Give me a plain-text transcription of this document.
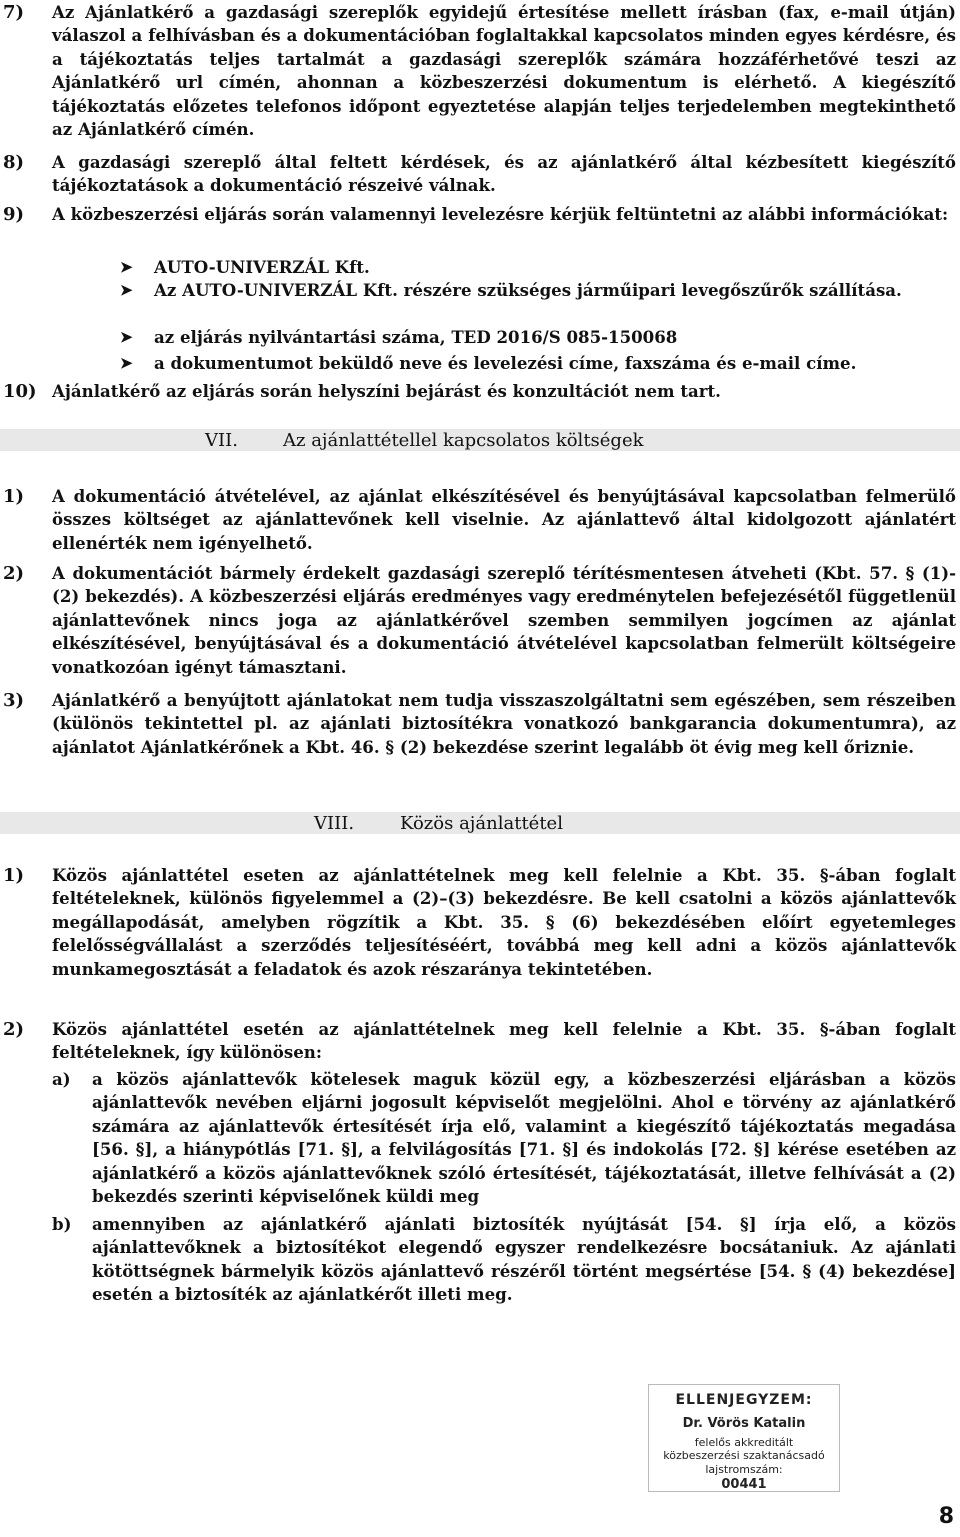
7) Az Ajánlatkérő a gazdasági szereplők egyidejű értesítése mellett írásban (fax, e-mail útján) válaszol a felhívásban és a dokumentációban foglaltakkal kapcsolatos minden egyes kérdésre, és a tájékoztatás teljes tartalmát a gazdasági szereplők számára hozzáférhetővé teszi az Ajánlatkérő url címén, ahonnan a közbeszerzési dokumentum is elérhető. A kiegészítő tájékoztatás előzetes telefonos időpont egyeztetése alapján teljes terjedelemben megtekinthető az Ajánlatkérő címén.
8) A gazdasági szereplő által feltett kérdések, és az ajánlatkérő által kézbesített kiegészítő tájékoztatások a dokumentáció részeivé válnak.
9) A közbeszerzési eljárás során valamennyi levelezésre kérjük feltüntetni az alábbi információkat:
➤ AUTO-UNIVERZÁL Kft.
➤ Az AUTO-UNIVERZÁL Kft. részére szükséges járműipari levegőszűrők szállítása.
➤ az eljárás nyilvántartási száma, TED 2016/S 085-150068
➤ a dokumentumot beküldő neve és levelezési címe, faxszáma és e-mail címe.
10) Ajánlatkérő az eljárás során helyszíni bejárást és konzultációt nem tart.
VII.	Az ajánlattétellel kapcsolatos költségek
1) A dokumentáció átvételével, az ajánlat elkészítésével és benyújtásával kapcsolatban felmerülő összes költséget az ajánlattevőnek kell viselnie. Az ajánlattevő által kidolgozott ajánlatért ellenérték nem igényelhető.
2) A dokumentációt bármely érdekelt gazdasági szereplő térítésmentesen átveheti (Kbt. 57. § (1)-(2) bekezdés). A közbeszerzési eljárás eredményes vagy eredménytelen befejezésétől függetlenül ajánlattevőnek nincs joga az ajánlatkérővel szemben semmilyen jogcímen az ajánlat elkészítésével, benyújtásával és a dokumentáció átvételével kapcsolatban felmerült költségeire vonatkozóan igényt támasztani.
3) Ajánlatkérő a benyújtott ajánlatokat nem tudja visszaszolgáltatni sem egészében, sem részeiben (különös tekintettel pl. az ajánlati biztosítékra vonatkozó bankgarancia dokumentumra), az ajánlatot Ajánlatkérőnek a Kbt. 46. § (2) bekezdése szerint legalább öt évig meg kell őriznie.
VIII.	Közös ajánlattétel
1) Közös ajánlattétel eseten az ajánlattételnek meg kell felelnie a Kbt. 35. §-ában foglalt feltételeknek, különös figyelemmel a (2)–(3) bekezdésre. Be kell csatolni a közös ajánlattevők megállapodását, amelyben rögzítik a Kbt. 35. § (6) bekezdésében előírt egyetemleges felelősségvállalást a szerződés teljesítéséért, továbbá meg kell adni a közös ajánlattevők munkamegosztását a feladatok és azok részaránya tekintetében.
2) Közös ajánlattétel esetén az ajánlattételnek meg kell felelnie a Kbt. 35. §-ában foglalt feltételeknek, így különösen:
a) a közös ajánlattevők kötelesek maguk közül egy, a közbeszerzési eljárásban a közös ajánlattevők nevében eljárni jogosult képviselőt megjelölni. Ahol e törvény az ajánlatkérő számára az ajánlattevők értesítését írja elő, valamint a kiegészítő tájékoztatás megadása [56. §], a hiánypótlás [71. §], a felvilágosítás [71. §] és indokolás [72. §] kérése esetében az ajánlatkérő a közös ajánlattevőknek szóló értesítését, tájékoztatását, illetve felhívását a (2) bekezdés szerinti képviselőnek küldi meg
b) amennyiben az ajánlatkérő ajánlati biztosíték nyújtását [54. §] írja elő, a közös ajánlattevőknek a biztosítékot elegendő egyszer rendelkezésre bocsátaniuk. Az ajánlati kötöttségnek bármelyik közös ajánlattevő részéről történt megsértése [54. § (4) bekezdése] esetén a biztosíték az ajánlatkérőt illeti meg.
ELLENJEGYZEM:
Dr. Vörös Katalin
felelős akkreditált
közbeszerzési szaktanácsadó
lajstromszám:
00441
8
